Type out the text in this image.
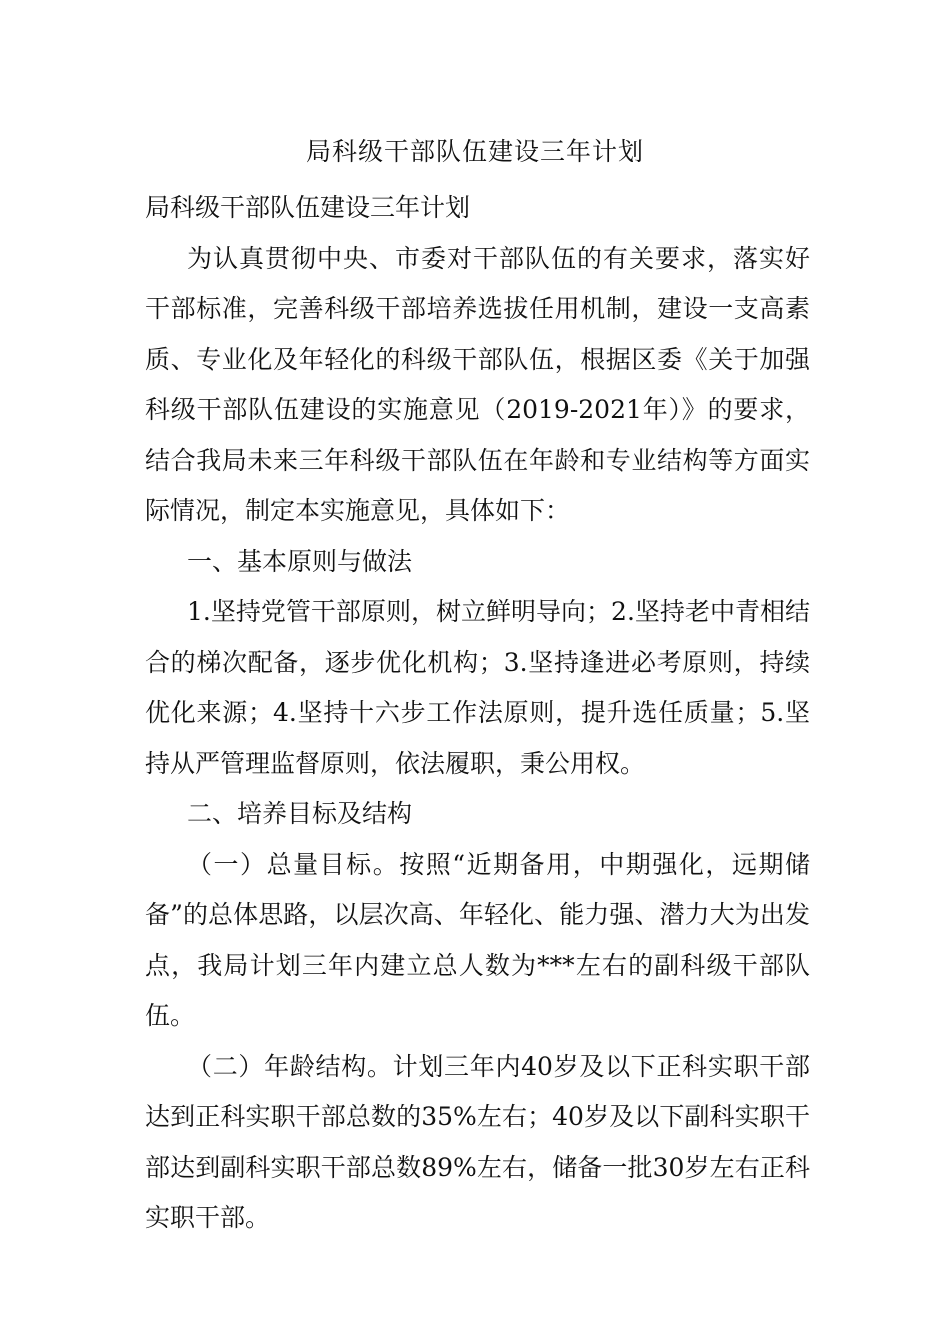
局科级干部队伍建设三年计划

局科级干部队伍建设三年计划

为认真贯彻中央、市委对干部队伍的有关要求，落实好干部标准，完善科级干部培养选拔任用机制，建设一支高素质、专业化及年轻化的科级干部队伍，根据区委《关于加强科级干部队伍建设的实施意见（2019-2021年）》的要求，结合我局未来三年科级干部队伍在年龄和专业结构等方面实际情况，制定本实施意见，具体如下：

一、基本原则与做法

1.坚持党管干部原则，树立鲜明导向；2.坚持老中青相结合的梯次配备，逐步优化机构；3.坚持逢进必考原则，持续优化来源；4.坚持十六步工作法原则，提升选任质量；5.坚持从严管理监督原则，依法履职，秉公用权。

二、培养目标及结构

（一）总量目标。按照“近期备用，中期强化，远期储备”的总体思路，以层次高、年轻化、能力强、潜力大为出发点，我局计划三年内建立总人数为***左右的副科级干部队伍。

（二）年龄结构。计划三年内40岁及以下正科实职干部达到正科实职干部总数的35%左右；40岁及以下副科实职干部达到副科实职干部总数89%左右，储备一批30岁左右正科实职干部。
